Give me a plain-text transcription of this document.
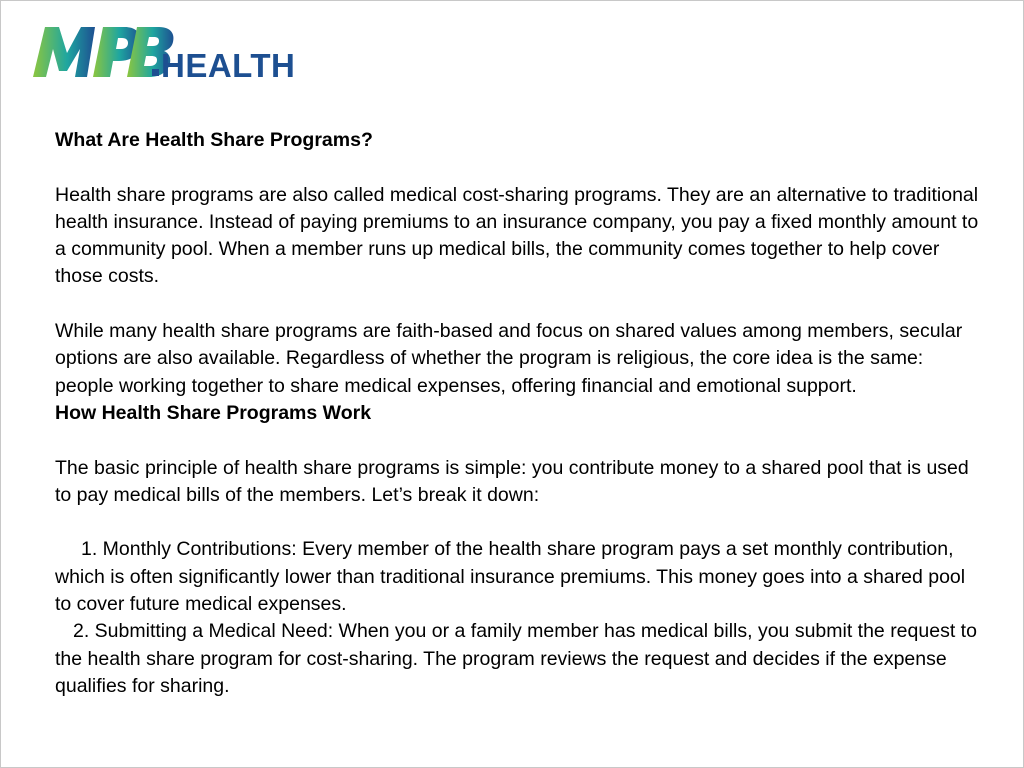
HEALTH

What Are Health Share Programs?

Health share programs are also called medical cost-sharing programs. They are an alternative to traditional health insurance. Instead of paying premiums to an insurance company, you pay a fixed monthly amount to a community pool. When a member runs up medical bills, the community comes together to help cover those costs.

While many health share programs are faith-based and focus on shared values among members, secular options are also available. Regardless of whether the program is religious, the core idea is the same: people working together to share medical expenses, offering financial and emotional support.

How Health Share Programs Work

The basic principle of health share programs is simple: you contribute money to a shared pool that is used to pay medical bills of the members. Let’s break it down:

1. Monthly Contributions: Every member of the health share program pays a set monthly contribution, which is often significantly lower than traditional insurance premiums. This money goes into a shared pool to cover future medical expenses.

2. Submitting a Medical Need: When you or a family member has medical bills, you submit the request to the health share program for cost-sharing. The program reviews the request and decides if the expense qualifies for sharing.
